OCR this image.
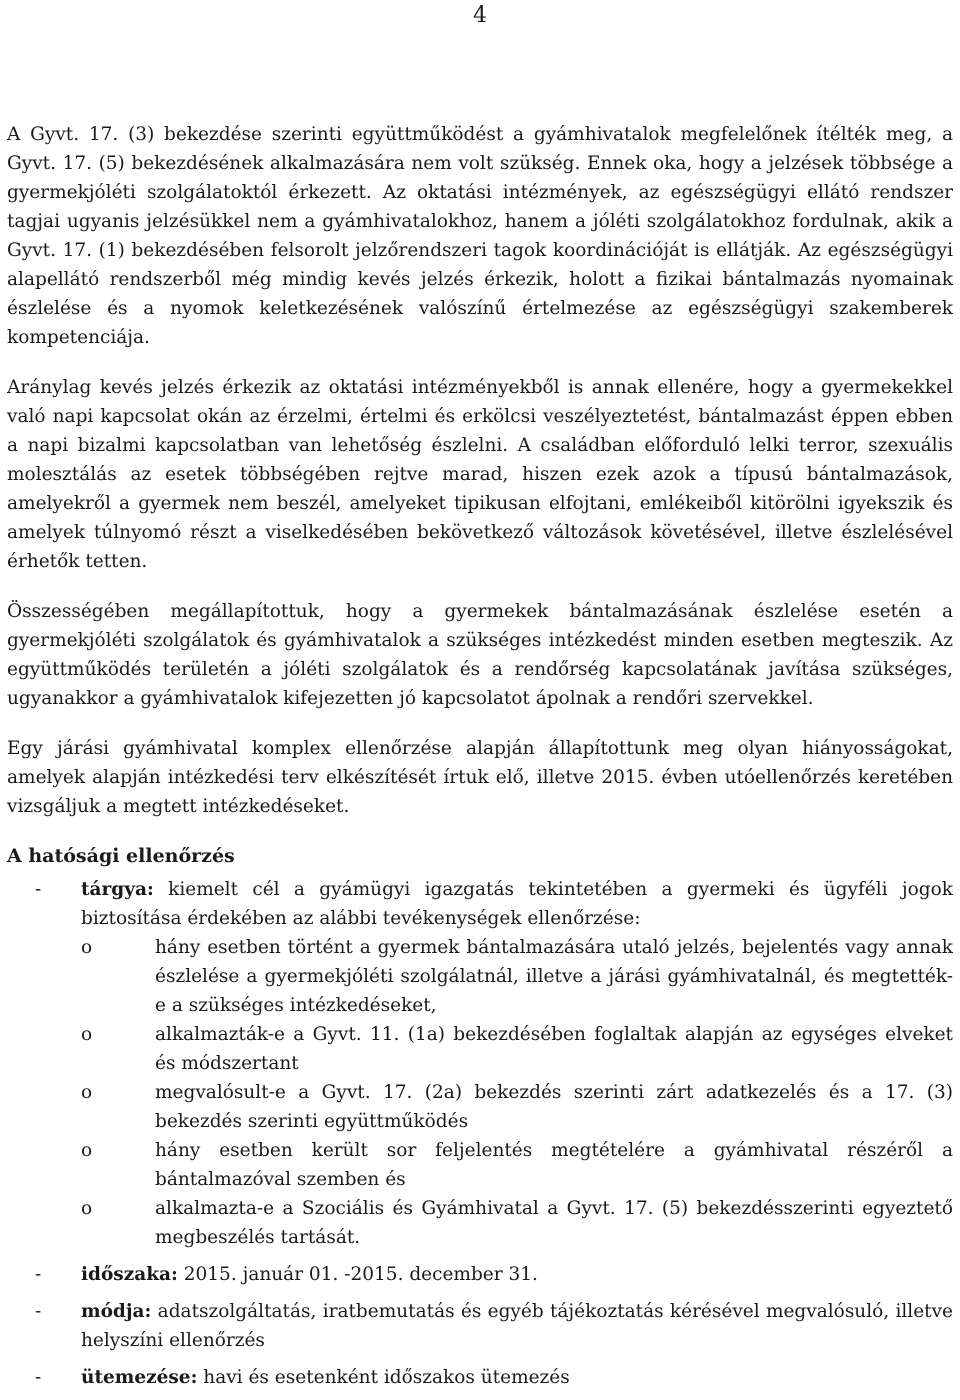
4

A Gyvt. 17. (3) bekezdése szerinti együttműködést a gyámhivatalok megfelelőnek ítélték meg, a Gyvt. 17. (5) bekezdésének alkalmazására nem volt szükség. Ennek oka, hogy a jelzések többsége a gyermekjóléti szolgálatoktól érkezett. Az oktatási intézmények, az egészségügyi ellátó rendszer tagjai ugyanis jelzésükkel nem a gyámhivatalokhoz, hanem a jóléti szolgálatokhoz fordulnak, akik a Gyvt. 17. (1) bekezdésében felsorolt jelzőrendszeri tagok koordinációját is ellátják. Az egészségügyi alapellátó rendszerből még mindig kevés jelzés érkezik, holott a fizikai bántalmazás nyomainak észlelése és a nyomok keletkezésének valószínű értelmezése az egészségügyi szakemberek kompetenciája.

Aránylag kevés jelzés érkezik az oktatási intézményekből is annak ellenére, hogy a gyermekekkel való napi kapcsolat okán az érzelmi, értelmi és erkölcsi veszélyeztetést, bántalmazást éppen ebben a napi bizalmi kapcsolatban van lehetőség észlelni. A családban előforduló lelki terror, szexuális molesztálás az esetek többségében rejtve marad, hiszen ezek azok a típusú bántalmazások, amelyekről a gyermek nem beszél, amelyeket tipikusan elfojtani, emlékeiből kitörölni igyekszik és amelyek túlnyomó részt a viselkedésében bekövetkező változások követésével, illetve észlelésével érhetők tetten.

Összességében megállapítottuk, hogy a gyermekek bántalmazásának észlelése esetén a gyermekjóléti szolgálatok és gyámhivatalok a szükséges intézkedést minden esetben megteszik. Az együttműködés területén a jóléti szolgálatok és a rendőrség kapcsolatának javítása szükséges, ugyanakkor a gyámhivatalok kifejezetten jó kapcsolatot ápolnak a rendőri szervekkel.

Egy járási gyámhivatal komplex ellenőrzése alapján állapítottunk meg olyan hiányosságokat, amelyek alapján intézkedési terv elkészítését írtuk elő, illetve 2015. évben utóellenőrzés keretében vizsgáljuk a megtett intézkedéseket.

A hatósági ellenőrzés
-	tárgya: kiemelt cél a gyámügyi igazgatás tekintetében a gyermeki és ügyféli jogok biztosítása érdekében az alábbi tevékenységek ellenőrzése:
o	hány esetben történt a gyermek bántalmazására utaló jelzés, bejelentés vagy annak észlelése a gyermekjóléti szolgálatnál, illetve a járási gyámhivatalnál, és megtették-e a szükséges intézkedéseket,
o	alkalmazták-e a Gyvt. 11. (1a) bekezdésében foglaltak alapján az egységes elveket és módszertant
o	megvalósult-e a Gyvt. 17. (2a) bekezdés szerinti zárt adatkezelés és a 17. (3) bekezdés szerinti együttműködés
o	hány esetben került sor feljelentés megtételére a gyámhivatal részéről a bántalmazóval szemben és
o	alkalmazta-e a Szociális és Gyámhivatal a Gyvt. 17. (5) bekezdésszerinti egyeztető megbeszélés tartását.
-	időszaka: 2015. január 01. -2015. december 31.
-	módja: adatszolgáltatás, iratbemutatás és egyéb tájékoztatás kérésével megvalósuló, illetve helyszíni ellenőrzés
-	ütemezése: havi és esetenként időszakos ütemezés
